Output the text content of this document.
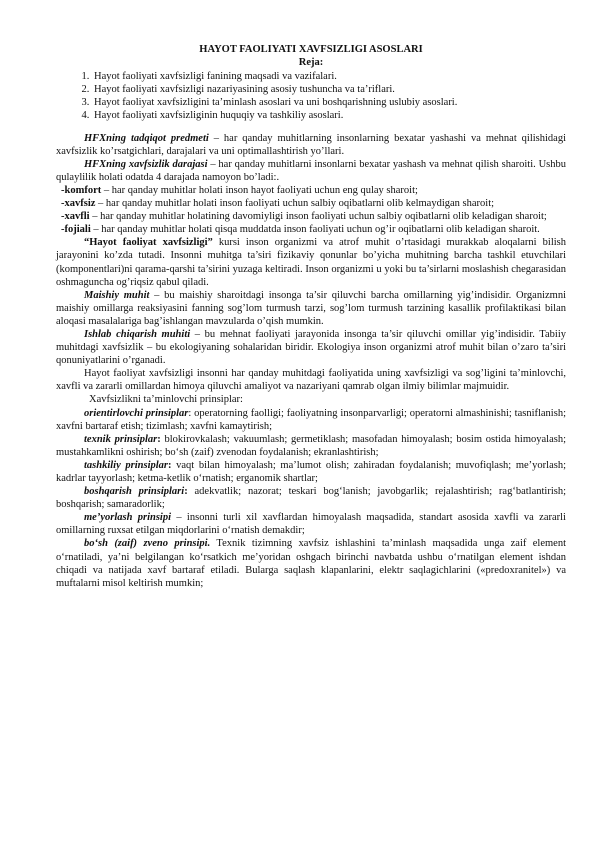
HAYOT FAOLIYATI XAVFSIZLIGI ASOSLARI
Reja:
1. Hayot faoliyati xavfsizligi fanining maqsadi va vazifalari.
2. Hayot faoliyati xavfsizligi nazariyasining asosiy tushuncha va ta’riflari.
3. Hayot faoliyat xavfsizligini ta’minlash asoslari va uni boshqarishning uslubiy asoslari.
4. Hayot faoliyati xavfsizliginin huquqiy va tashkiliy asoslari.

HFXning tadqiqot predmeti – har qanday muhitlarning insonlarning bexatar yashashi va mehnat qilishidagi xavfsizlik ko’rsatgichlari, darajalari va uni optimallashtirish yo’llari.

HFXning xavfsizlik darajasi – har qanday muhitlarni insonlarni bexatar yashash va mehnat qilish sharoiti. Ushbu qulaylilik holati odatda 4 darajada namoyon bo’ladi:.

-komfort – har qanday muhitlar holati inson hayot faoliyati uchun eng qulay sharoit;

-xavfsiz – har qanday muhitlar holati inson faoliyati uchun salbiy oqibatlarni olib kelmaydigan sharoit;

-xavfli – har qanday muhitlar holatining davomiyligi inson faoliyati uchun salbiy oqibatlarni olib keladigan sharoit;

-fojiali – har qanday muhitlar holati qisqa muddatda inson faoliyati uchun og’ir oqibatlarni olib keladigan sharoit.

“Hayot faoliyat xavfsizligi” kursi inson organizmi va atrof muhit o’rtasidagi murakkab aloqalarni bilish jarayonini ko’zda tutadi. Insonni muhitga ta’siri fizikaviy qonunlar bo’yicha muhitning barcha tashkil etuvchilari (komponentlari)ni qarama-qarshi ta’sirini yuzaga keltiradi. Inson organizmi u yoki bu ta’sirlarni moslashish chegarasidan oshmaguncha og’riqsiz qabul qiladi.

Maishiy muhit – bu maishiy sharoitdagi insonga ta’sir qiluvchi barcha omillarning yig’indisidir. Organizmni maishiy omillarga reaksiyasini fanning sog’lom turmush tarzi, sog’lom turmush tarzining kasallik profilaktikasi bilan aloqasi masalalariga bag’ishlangan mavzularda o’qish mumkin.

Ishlab chiqarish muhiti – bu mehnat faoliyati jarayonida insonga ta’sir qiluvchi omillar yig’indisidir. Tabiiy muhitdagi xavfsizlik – bu ekologiyaning sohalaridan biridir. Ekologiya inson organizmi atrof muhit bilan o’zaro ta’siri qonuniyatlarini o’rganadi.

Hayot faoliyat xavfsizligi insonni har qanday muhitdagi faoliyatida uning xavfsizligi va sog’ligini ta’minlovchi, xavfli va zararli omillardan himoya qiluvchi amaliyot va nazariyani qamrab olgan ilmiy bilimlar majmuidir.

Xavfsizlikni ta’minlovchi prinsiplar:

orientirlovchi prinsiplar: operatorning faolligi; faoliyatning insonparvarligi; operatorni almashinishi; tasniflanish; xavfni bartaraf etish; tizimlash; xavfni kamaytirish;

texnik prinsiplar: blokirovkalash; vakuumlash; germetiklash; masofadan himoyalash; bosim ostida himoyalash; mustahkamlikni oshirish; bo‘sh (zaif) zvenodan foydalanish; ekranlashtirish;

tashkiliy prinsiplar: vaqt bilan himoyalash; ma’lumot olish; zahiradan foydalanish; muvofiqlash; me’yorlash; kadrlar tayyorlash; ketma-ketlik o‘rnatish; erganomik shartlar;

boshqarish prinsiplari: adekvatlik; nazorat; teskari bog‘lanish; javobgarlik; rejalashtirish; rag‘batlantirish; boshqarish; samaradorlik;

me’yorlash prinsipi – insonni turli xil xavflardan himoyalash maqsadida, standart asosida xavfli va zararli omillarning ruxsat etilgan miqdorlarini o‘rnatish demakdir;

bo‘sh (zaif) zveno prinsipi. Texnik tizimning xavfsiz ishlashini ta’minlash maqsadida unga zaif element o‘rnatiladi, ya’ni belgilangan ko‘rsatkich me’yoridan oshgach birinchi navbatda ushbu o‘rnatilgan element ishdan chiqadi va natijada xavf bartaraf etiladi. Bularga saqlash klapanlarini, elektr saqlagichlarini («predoxranitel») va muftalarni misol keltirish mumkin;
